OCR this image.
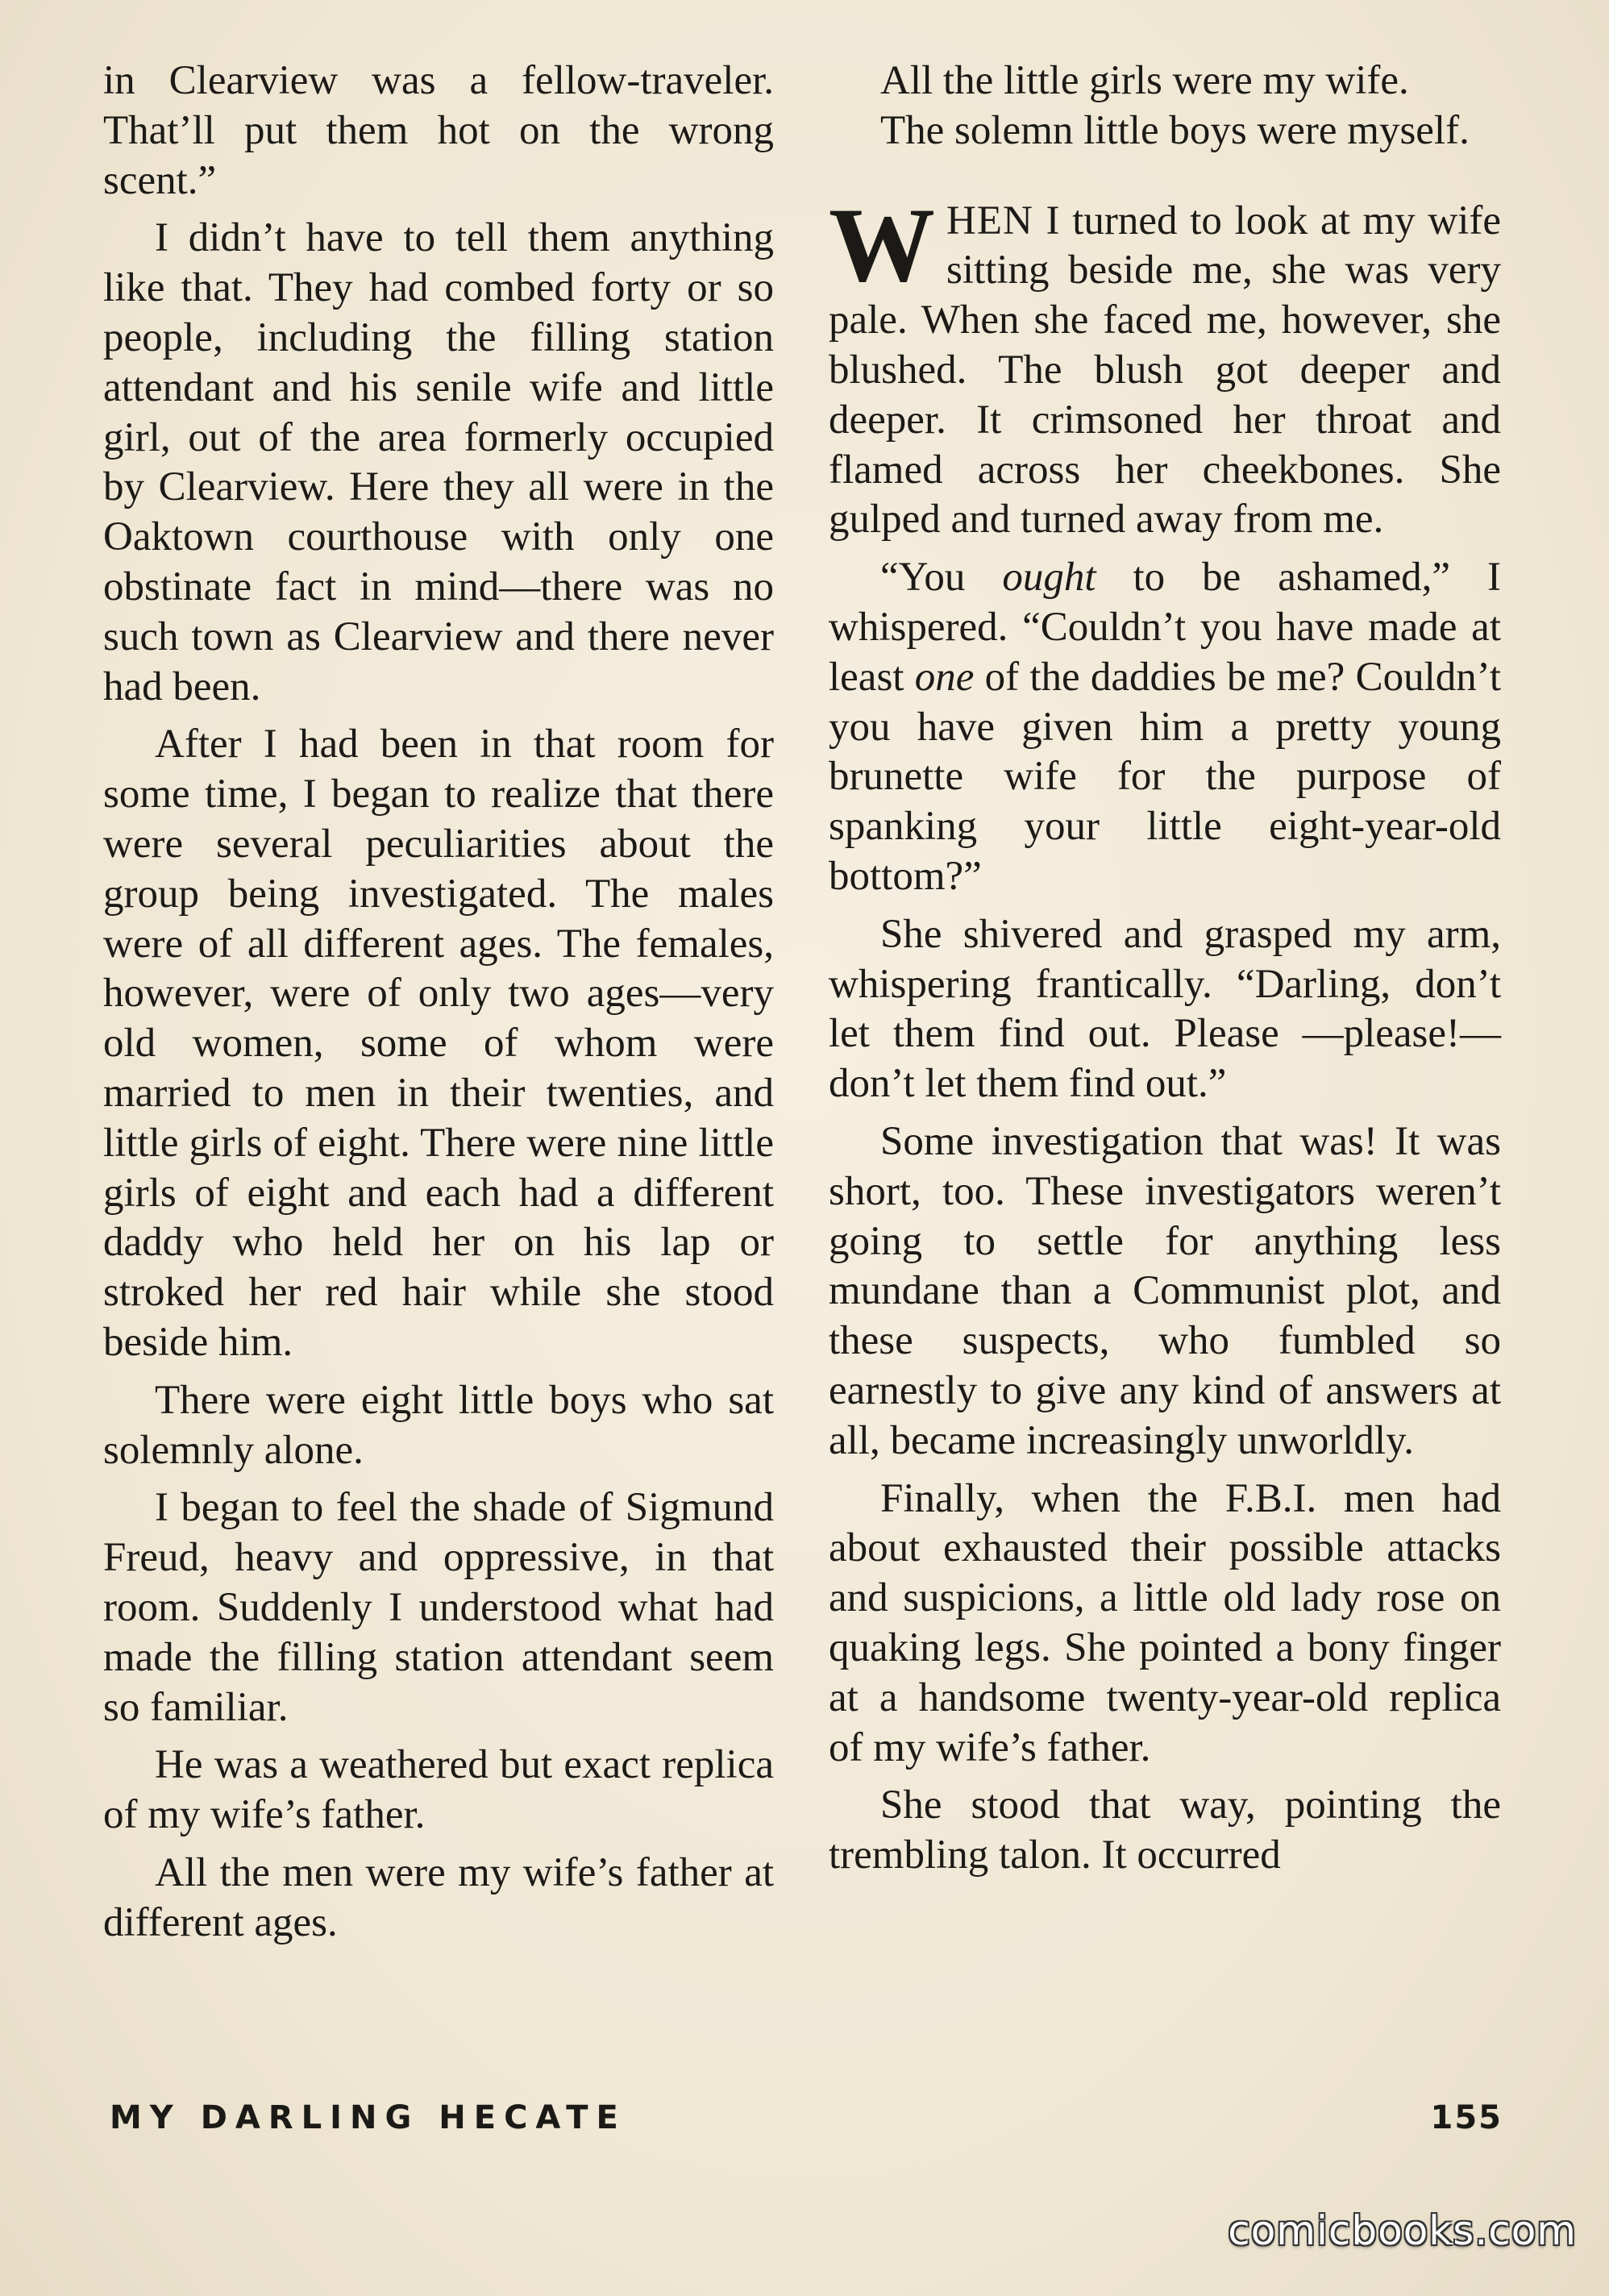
in Clearview was a fellow-traveler. That’ll put them hot on the wrong scent.”

I didn’t have to tell them anything like that. They had combed forty or so people, including the filling station attendant and his senile wife and little girl, out of the area formerly occupied by Clearview. Here they all were in the Oaktown courthouse with only one obstinate fact in mind—there was no such town as Clearview and there never had been.

After I had been in that room for some time, I began to realize that there were several peculiarities about the group being investigated. The males were of all different ages. The females, however, were of only two ages—very old women, some of whom were married to men in their twenties, and little girls of eight. There were nine little girls of eight and each had a different daddy who held her on his lap or stroked her red hair while she stood beside him.

There were eight little boys who sat solemnly alone.

I began to feel the shade of Sigmund Freud, heavy and oppressive, in that room. Suddenly I understood what had made the filling station attendant seem so familiar.

He was a weathered but exact replica of my wife’s father.

All the men were my wife’s father at different ages.

All the little girls were my wife.

The solemn little boys were myself.

WHEN I turned to look at my wife sitting beside me, she was very pale. When she faced me, however, she blushed. The blush got deeper and deeper. It crimsoned her throat and flamed across her cheekbones. She gulped and turned away from me.

“You ought to be ashamed,” I whispered. “Couldn’t you have made at least one of the daddies be me? Couldn’t you have given him a pretty young brunette wife for the purpose of spanking your little eight-year-old bottom?”

She shivered and grasped my arm, whispering frantically. “Darling, don’t let them find out. Please —please!—don’t let them find out.”

Some investigation that was! It was short, too. These investigators weren’t going to settle for anything less mundane than a Communist plot, and these suspects, who fumbled so earnestly to give any kind of answers at all, became increasingly unworldly.

Finally, when the F.B.I. men had about exhausted their possible attacks and suspicions, a little old lady rose on quaking legs. She pointed a bony finger at a handsome twenty-year-old replica of my wife’s father.

She stood that way, pointing the trembling talon. It occurred

MY DARLING HECATE	155
comicbooks.com
